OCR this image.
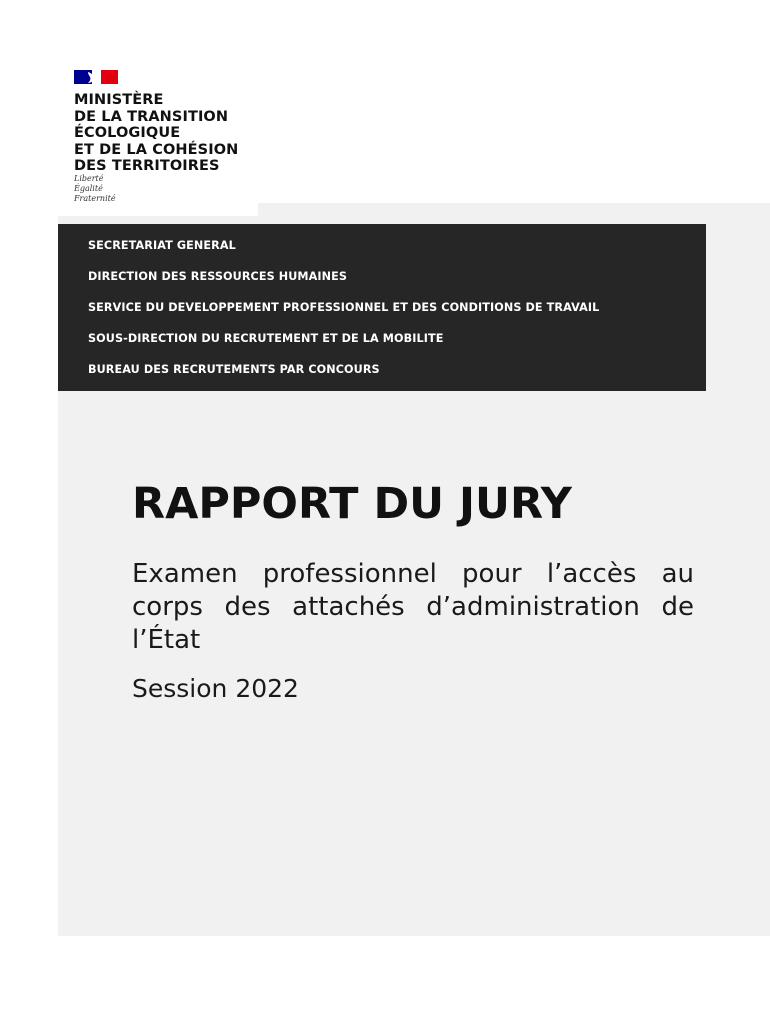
MINISTÈRE
DE LA TRANSITION
ÉCOLOGIQUE
ET DE LA COHÉSION
DES TERRITOIRES
Liberté
Égalité
Fraternité
SECRETARIAT GENERAL
DIRECTION DES RESSOURCES HUMAINES
SERVICE DU DEVELOPPEMENT PROFESSIONNEL ET DES CONDITIONS DE TRAVAIL
SOUS-DIRECTION DU RECRUTEMENT ET DE LA MOBILITE
BUREAU DES RECRUTEMENTS PAR CONCOURS
RAPPORT DU JURY

Examen professionnel pour l’accès au corps des attachés d’administration de l’État

Session 2022
